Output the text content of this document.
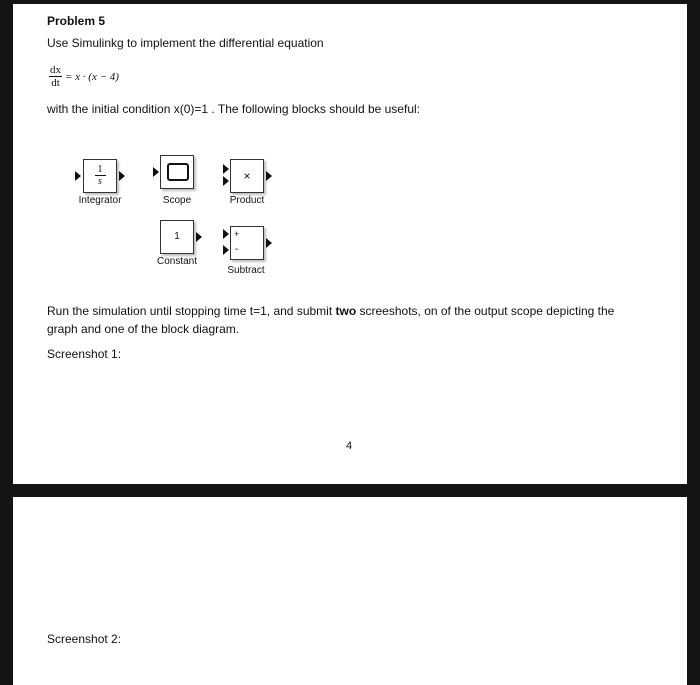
Problem 5
Use Simulinkg to implement the differential equation
$\frac{dx}{dt} = x \cdot (x - 4)$
with the initial condition x(0)=1 . The following blocks should be useful:
$\frac{1}{s}$
Integrator	Scope
×
Product
1
Constant
+
-
Subtract
Run the simulation until stopping time t=1, and submit two screeshots, on of the output scope depicting the
graph and one of the block diagram.
Screenshot 1:
4
Screenshot 2:
